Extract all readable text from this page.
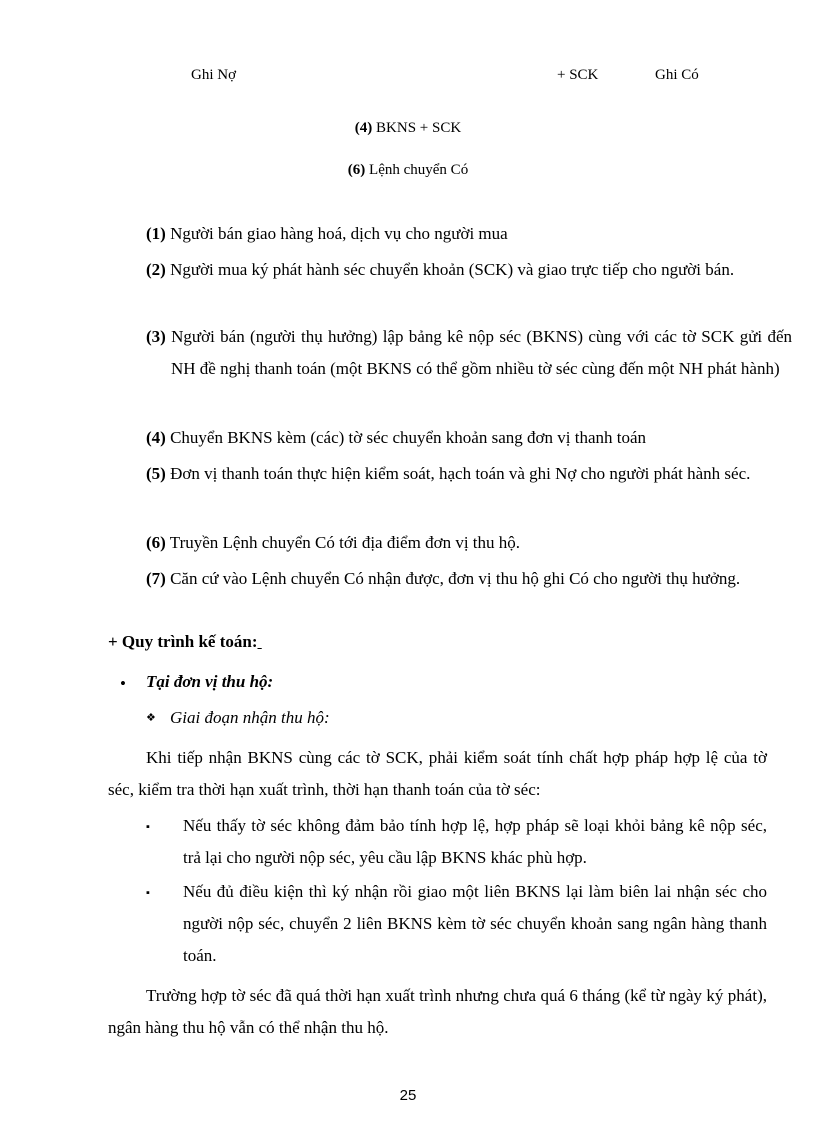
Ghi Nợ	+ SCK	Ghi Có
(4) BKNS + SCK
(6) Lệnh chuyển Có
(1) Người bán giao hàng hoá, dịch vụ cho người mua
(2) Người mua ký phát hành séc chuyển khoản (SCK) và giao trực tiếp cho người bán.
(3) Người bán (người thụ hưởng) lập bảng kê nộp séc (BKNS) cùng với các tờ SCK gửi đến NH đề nghị thanh toán (một BKNS có thể gồm nhiều tờ séc cùng đến một NH phát hành)
(4) Chuyển BKNS kèm (các) tờ séc chuyển khoản sang đơn vị thanh toán
(5) Đơn vị thanh toán thực hiện kiểm soát, hạch toán và ghi Nợ cho người phát hành séc.
(6) Truyền Lệnh chuyển Có tới địa điểm đơn vị thu hộ.
(7) Căn cứ vào Lệnh chuyển Có nhận được, đơn vị thu hộ ghi Có cho người thụ hưởng.
+ Quy trình kế toán:
• Tại đơn vị thu hộ:
❖ Giai đoạn nhận thu hộ:
Khi tiếp nhận BKNS cùng các tờ SCK, phải kiểm soát tính chất hợp pháp hợp lệ của tờ séc, kiểm tra thời hạn xuất trình, thời hạn thanh toán của tờ séc:
▪ Nếu thấy tờ séc không đảm bảo tính hợp lệ, hợp pháp sẽ loại khỏi bảng kê nộp séc, trả lại cho người nộp séc, yêu cầu lập BKNS khác phù hợp.
▪ Nếu đủ điều kiện thì ký nhận rồi giao một liên BKNS lại làm biên lai nhận séc cho người nộp séc, chuyển 2 liên BKNS kèm tờ séc chuyển khoản sang ngân hàng thanh toán.
Trường hợp tờ séc đã quá thời hạn xuất trình nhưng chưa quá 6 tháng (kể từ ngày ký phát), ngân hàng thu hộ vẫn có thể nhận thu hộ.
25
